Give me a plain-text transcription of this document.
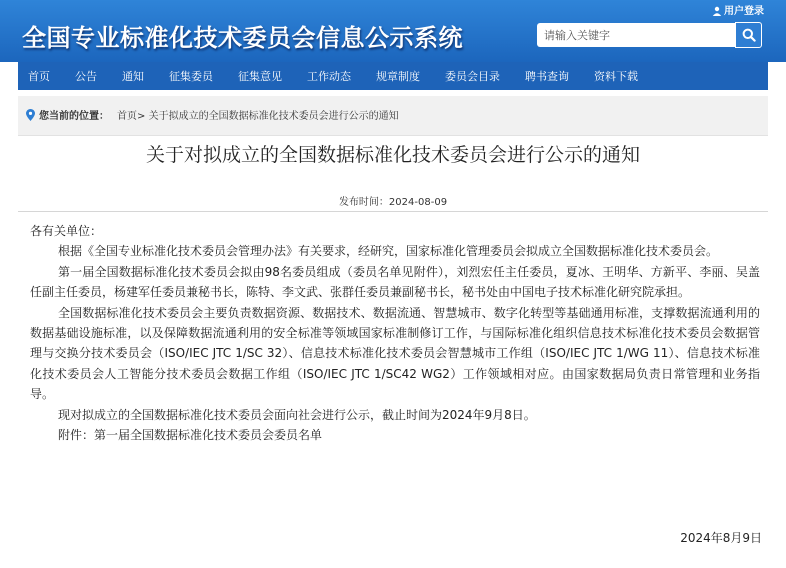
全国专业标准化技术委员会信息公示系统
用户登录
请输入关键字
首页 公告 通知 征集委员 征集意见 工作动态 规章制度 委员会目录 聘书查询 资料下载
您当前的位置： 首页> 关于拟成立的全国数据标准化技术委员会进行公示的通知
关于对拟成立的全国数据标准化技术委员会进行公示的通知
发布时间：2024-08-09

各有关单位：

根据《全国专业标准化技术委员会管理办法》有关要求，经研究，国家标准化管理委员会拟成立全国数据标准化技术委员会。

第一届全国数据标准化技术委员会拟由98名委员组成（委员名单见附件），刘烈宏任主任委员，夏冰、王明华、方新平、李丽、吴盖任副主任委员，杨建军任委员兼秘书长，陈特、李文武、张群任委员兼副秘书长，秘书处由中国电子技术标准化研究院承担。

全国数据标准化技术委员会主要负责数据资源、数据技术、数据流通、智慧城市、数字化转型等基础通用标准，支撑数据流通利用的数据基础设施标准，以及保障数据流通利用的安全标准等领域国家标准制修订工作，与国际标准化组织信息技术标准化技术委员会数据管理与交换分技术委员会（ISO/IEC JTC 1/SC 32）、信息技术标准化技术委员会智慧城市工作组（ISO/IEC JTC 1/WG 11）、信息技术标准化技术委员会人工智能分技术委员会数据工作组（ISO/IEC JTC 1/SC42 WG2）工作领域相对应。由国家数据局负责日常管理和业务指导。

现对拟成立的全国数据标准化技术委员会面向社会进行公示，截止时间为2024年9月8日。

附件：第一届全国数据标准化技术委员会委员名单

2024年8月9日
